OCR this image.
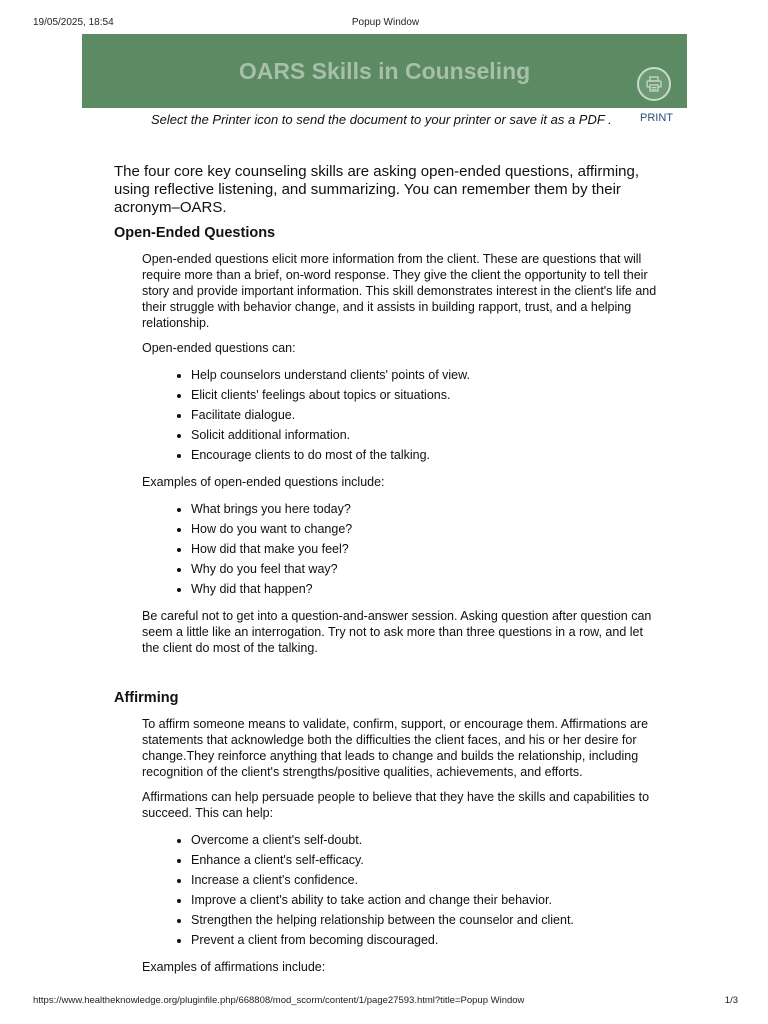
19/05/2025, 18:54	Popup Window
OARS Skills in Counseling
Select the Printer icon to send the document to your printer or save it as a PDF .	PRINT

The four core key counseling skills are asking open-ended questions, affirming, using reflective listening, and summarizing. You can remember them by their acronym–OARS.

Open-Ended Questions

Open-ended questions elicit more information from the client. These are questions that will require more than a brief, on-word response. They give the client the opportunity to tell their story and provide important information. This skill demonstrates interest in the client's life and their struggle with behavior change, and it assists in building rapport, trust, and a helping relationship.

Open-ended questions can:

• Help counselors understand clients' points of view.
• Elicit clients' feelings about topics or situations.
• Facilitate dialogue.
• Solicit additional information.
• Encourage clients to do most of the talking.

Examples of open-ended questions include:

• What brings you here today?
• How do you want to change?
• How did that make you feel?
• Why do you feel that way?
• Why did that happen?

Be careful not to get into a question-and-answer session. Asking question after question can seem a little like an interrogation. Try not to ask more than three questions in a row, and let the client do most of the talking.

Affirming

To affirm someone means to validate, confirm, support, or encourage them. Affirmations are statements that acknowledge both the difficulties the client faces, and his or her desire for change.They reinforce anything that leads to change and builds the relationship, including recognition of the client's strengths/positive qualities, achievements, and efforts.

Affirmations can help persuade people to believe that they have the skills and capabilities to succeed. This can help:

• Overcome a client's self-doubt.
• Enhance a client's self-efficacy.
• Increase a client's confidence.
• Improve a client's ability to take action and change their behavior.
• Strengthen the helping relationship between the counselor and client.
• Prevent a client from becoming discouraged.

Examples of affirmations include:

https://www.healtheknowledge.org/pluginfile.php/668808/mod_scorm/content/1/page27593.html?title=Popup Window	1/3
